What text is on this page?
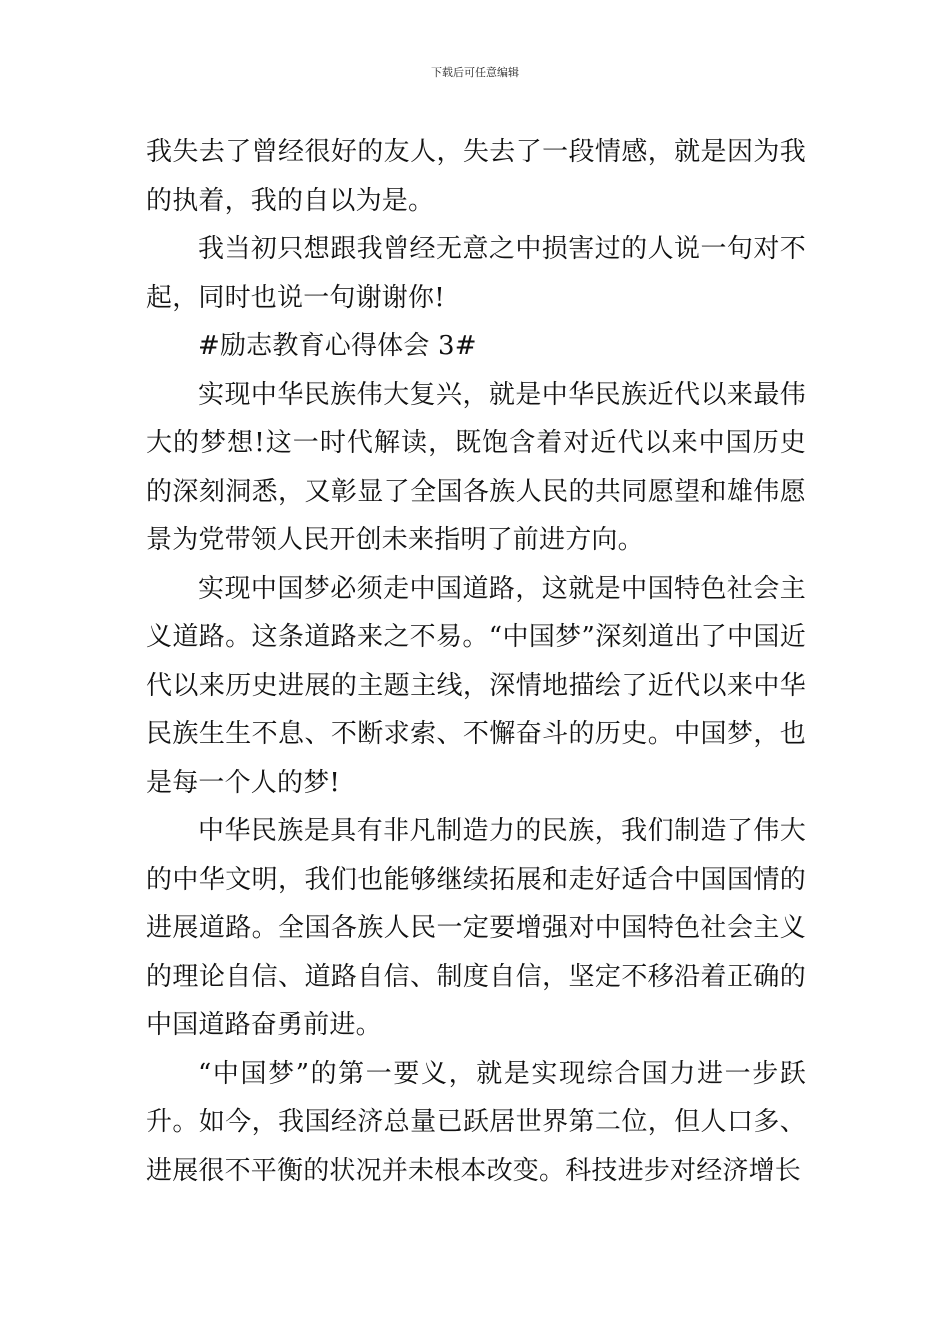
下载后可任意编辑

我失去了曾经很好的友人，失去了一段情感，就是因为我的执着，我的自以为是。

我当初只想跟我曾经无意之中损害过的人说一句对不起，同时也说一句谢谢你!

#励志教育心得体会 3#

实现中华民族伟大复兴，就是中华民族近代以来最伟大的梦想!这一时代解读，既饱含着对近代以来中国历史的深刻洞悉，又彰显了全国各族人民的共同愿望和雄伟愿景为党带领人民开创未来指明了前进方向。

实现中国梦必须走中国道路，这就是中国特色社会主义道路。这条道路来之不易。“中国梦”深刻道出了中国近代以来历史进展的主题主线，深情地描绘了近代以来中华民族生生不息、不断求索、不懈奋斗的历史。中国梦，也是每一个人的梦!

中华民族是具有非凡制造力的民族，我们制造了伟大的中华文明，我们也能够继续拓展和走好适合中国国情的进展道路。全国各族人民一定要增强对中国特色社会主义的理论自信、道路自信、制度自信，坚定不移沿着正确的中国道路奋勇前进。

“中国梦”的第一要义，就是实现综合国力进一步跃升。如今，我国经济总量已跃居世界第二位，但人口多、进展很不平衡的状况并未根本改变。科技进步对经济增长
